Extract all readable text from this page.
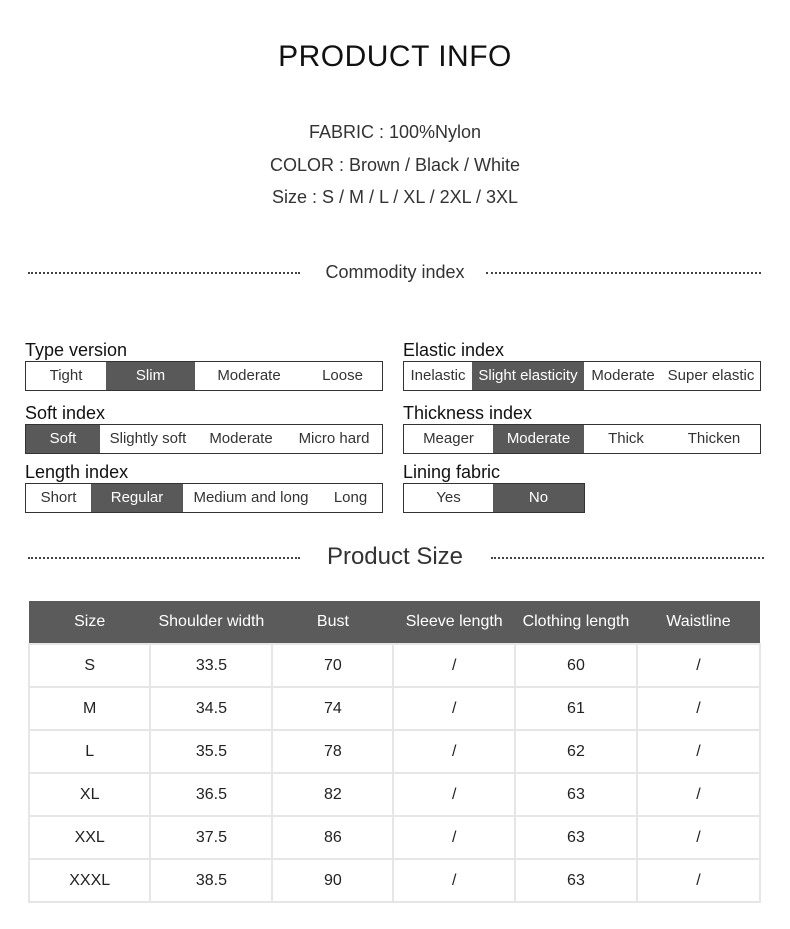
PRODUCT INFO
FABRIC : 100%Nylon
COLOR : Brown / Black / White
Size : S / M / L / XL / 2XL / 3XL
Commodity index
Type version
Tight	Slim	Moderate	Loose
Elastic index
Inelastic Slight elasticity Moderate Super elastic
Soft index
Soft	Slightly soft	Moderate	Micro hard
Thickness index
Meager	Moderate	Thick	Thicken
Length index
Short	Regular	Medium and long	Long
Lining fabric
Yes	No
Product Size
Size	Shoulder width	Bust	Sleeve length	Clothing length	Waistline
S	33.5	70	/	60	/
M	34.5	74	/	61	/
L	35.5	78	/	62	/
XL	36.5	82	/	63	/
XXL	37.5	86	/	63	/
XXXL	38.5	90	/	63	/
